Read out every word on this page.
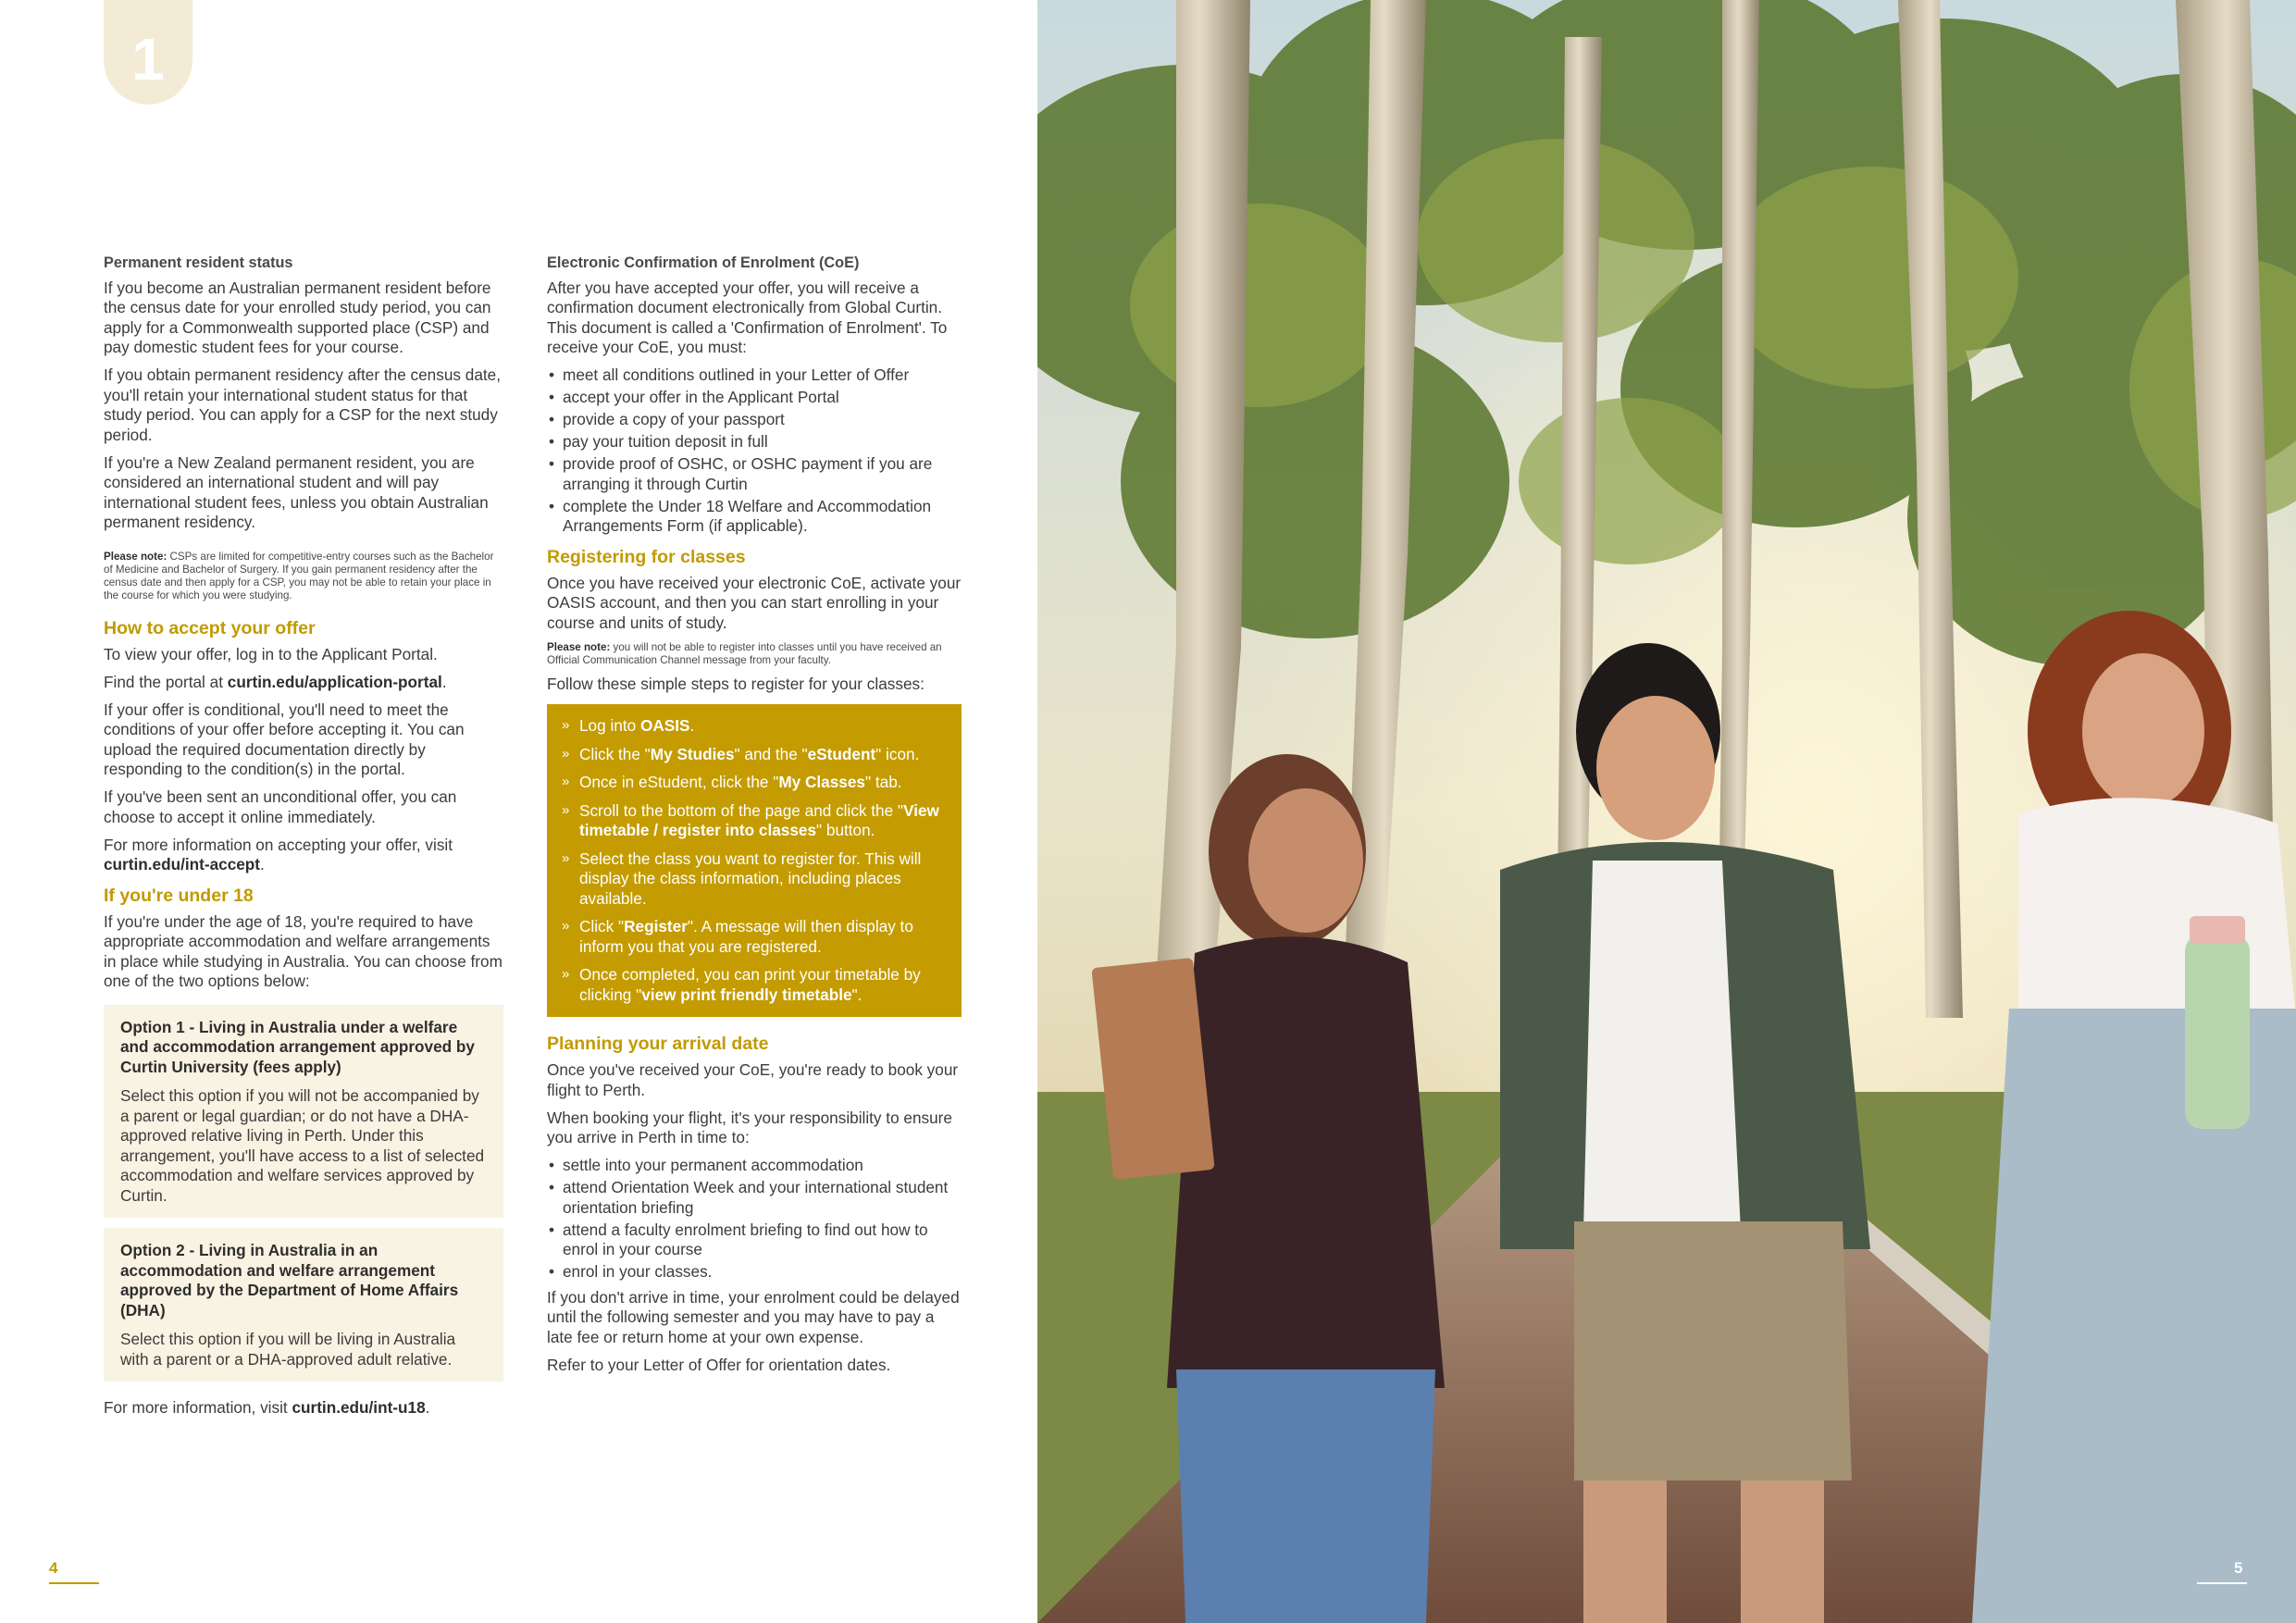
1
Permanent resident status

If you become an Australian permanent resident before the census date for your enrolled study period, you can apply for a Commonwealth supported place (CSP) and pay domestic student fees for your course.

If you obtain permanent residency after the census date, you'll retain your international student status for that study period. You can apply for a CSP for the next study period.

If you're a New Zealand permanent resident, you are considered an international student and will pay international student fees, unless you obtain Australian permanent residency.

Please note: CSPs are limited for competitive-entry courses such as the Bachelor of Medicine and Bachelor of Surgery. If you gain permanent residency after the census date and then apply for a CSP, you may not be able to retain your place in the course for which you were studying.

How to accept your offer

To view your offer, log in to the Applicant Portal.

Find the portal at curtin.edu/application-portal.

If your offer is conditional, you'll need to meet the conditions of your offer before accepting it. You can upload the required documentation directly by responding to the condition(s) in the portal.

If you've been sent an unconditional offer, you can choose to accept it online immediately.

For more information on accepting your offer, visit curtin.edu/int-accept.

If you're under 18

If you're under the age of 18, you're required to have appropriate accommodation and welfare arrangements in place while studying in Australia. You can choose from one of the two options below:

Option 1 - Living in Australia under a welfare and accommodation arrangement approved by Curtin University (fees apply)

Select this option if you will not be accompanied by a parent or legal guardian; or do not have a DHA-approved relative living in Perth. Under this arrangement, you'll have access to a list of selected accommodation and welfare services approved by Curtin.

Option 2 - Living in Australia in an accommodation and welfare arrangement approved by the Department of Home Affairs (DHA)

Select this option if you will be living in Australia with a parent or a DHA-approved adult relative.

For more information, visit curtin.edu/int-u18.

Electronic Confirmation of Enrolment (CoE)

After you have accepted your offer, you will receive a confirmation document electronically from Global Curtin. This document is called a 'Confirmation of Enrolment'. To receive your CoE, you must:

• meet all conditions outlined in your Letter of Offer
• accept your offer in the Applicant Portal
• provide a copy of your passport
• pay your tuition deposit in full
• provide proof of OSHC, or OSHC payment if you are arranging it through Curtin
• complete the Under 18 Welfare and Accommodation Arrangements Form (if applicable).
Registering for classes

Once you have received your electronic CoE, activate your OASIS account, and then you can start enrolling in your course and units of study.

Please note: you will not be able to register into classes until you have received an Official Communication Channel message from your faculty.

Follow these simple steps to register for your classes:

» Log into OASIS.
» Click the "My Studies" and the "eStudent" icon.
» Once in eStudent, click the "My Classes" tab.
» Scroll to the bottom of the page and click the "View timetable / register into classes" button.
» Select the class you want to register for. This will display the class information, including places available.
» Click "Register". A message will then display to inform you that you are registered.
» Once completed, you can print your timetable by clicking "view print friendly timetable".
Planning your arrival date

Once you've received your CoE, you're ready to book your flight to Perth.

When booking your flight, it's your responsibility to ensure you arrive in Perth in time to:

• settle into your permanent accommodation
• attend Orientation Week and your international student orientation briefing
• attend a faculty enrolment briefing to find out how to enrol in your course
• enrol in your classes.

If you don't arrive in time, your enrolment could be delayed until the following semester and you may have to pay a late fee or return home at your own expense.

Refer to your Letter of Offer for orientation dates.

4	5
